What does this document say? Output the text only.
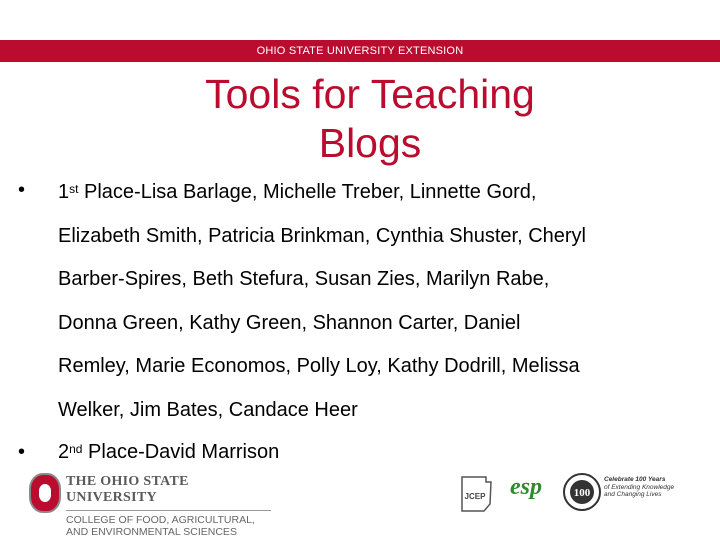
OHIO STATE UNIVERSITY EXTENSION
Tools for Teaching
Blogs
• 1st Place-Lisa Barlage, Michelle Treber, Linnette Gord,
Elizabeth Smith, Patricia Brinkman, Cynthia Shuster, Cheryl
Barber-Spires, Beth Stefura, Susan Zies, Marilyn Rabe,
Donna Green, Kathy Green, Shannon Carter, Daniel
Remley, Marie Economos, Polly Loy, Kathy Dodrill, Melissa
Welker, Jim Bates, Candace Heer
• 2nd Place-David Marrison
THE OHIO STATE UNIVERSITY
COLLEGE OF FOOD, AGRICULTURAL,
AND ENVIRONMENTAL SCIENCES
JCEP esp	100
Celebrate 100 Years
of Extending Knowledge
and Changing Lives
